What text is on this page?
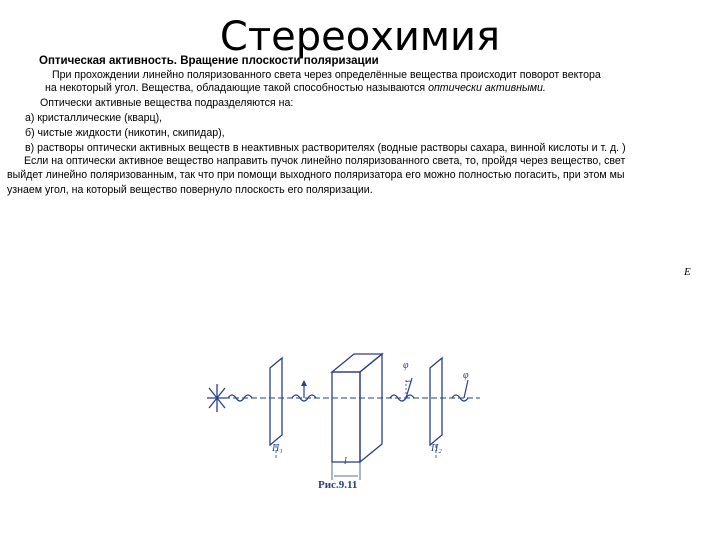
Стереохимия
Оптическая активность. Вращение плоскости поляризации
При прохождении линейно поляризованного света через определённые вещества происходит поворот вектора
на некоторый угол. Вещества, обладающие такой способностью называются оптически активными.
Оптически активные вещества подразделяются на:
а) кристаллические (кварц),
б) чистые жидкости (никотин, скипидар),
в) растворы оптически активных веществ в неактивных растворителях (водные растворы сахара, винной кислоты и т. д. )
Если на оптически активное вещество направить пучок линейно поляризованного света, то, пройдя через вещество, свет
выйдет линейно поляризованным, так что при помощи выходного поляризатора его можно полностью погасить, при этом мы
узнаем угол, на который вещество повернуло плоскость его поляризации.
E
П₁	П₂
l
φ
φ
Рис.9.11
